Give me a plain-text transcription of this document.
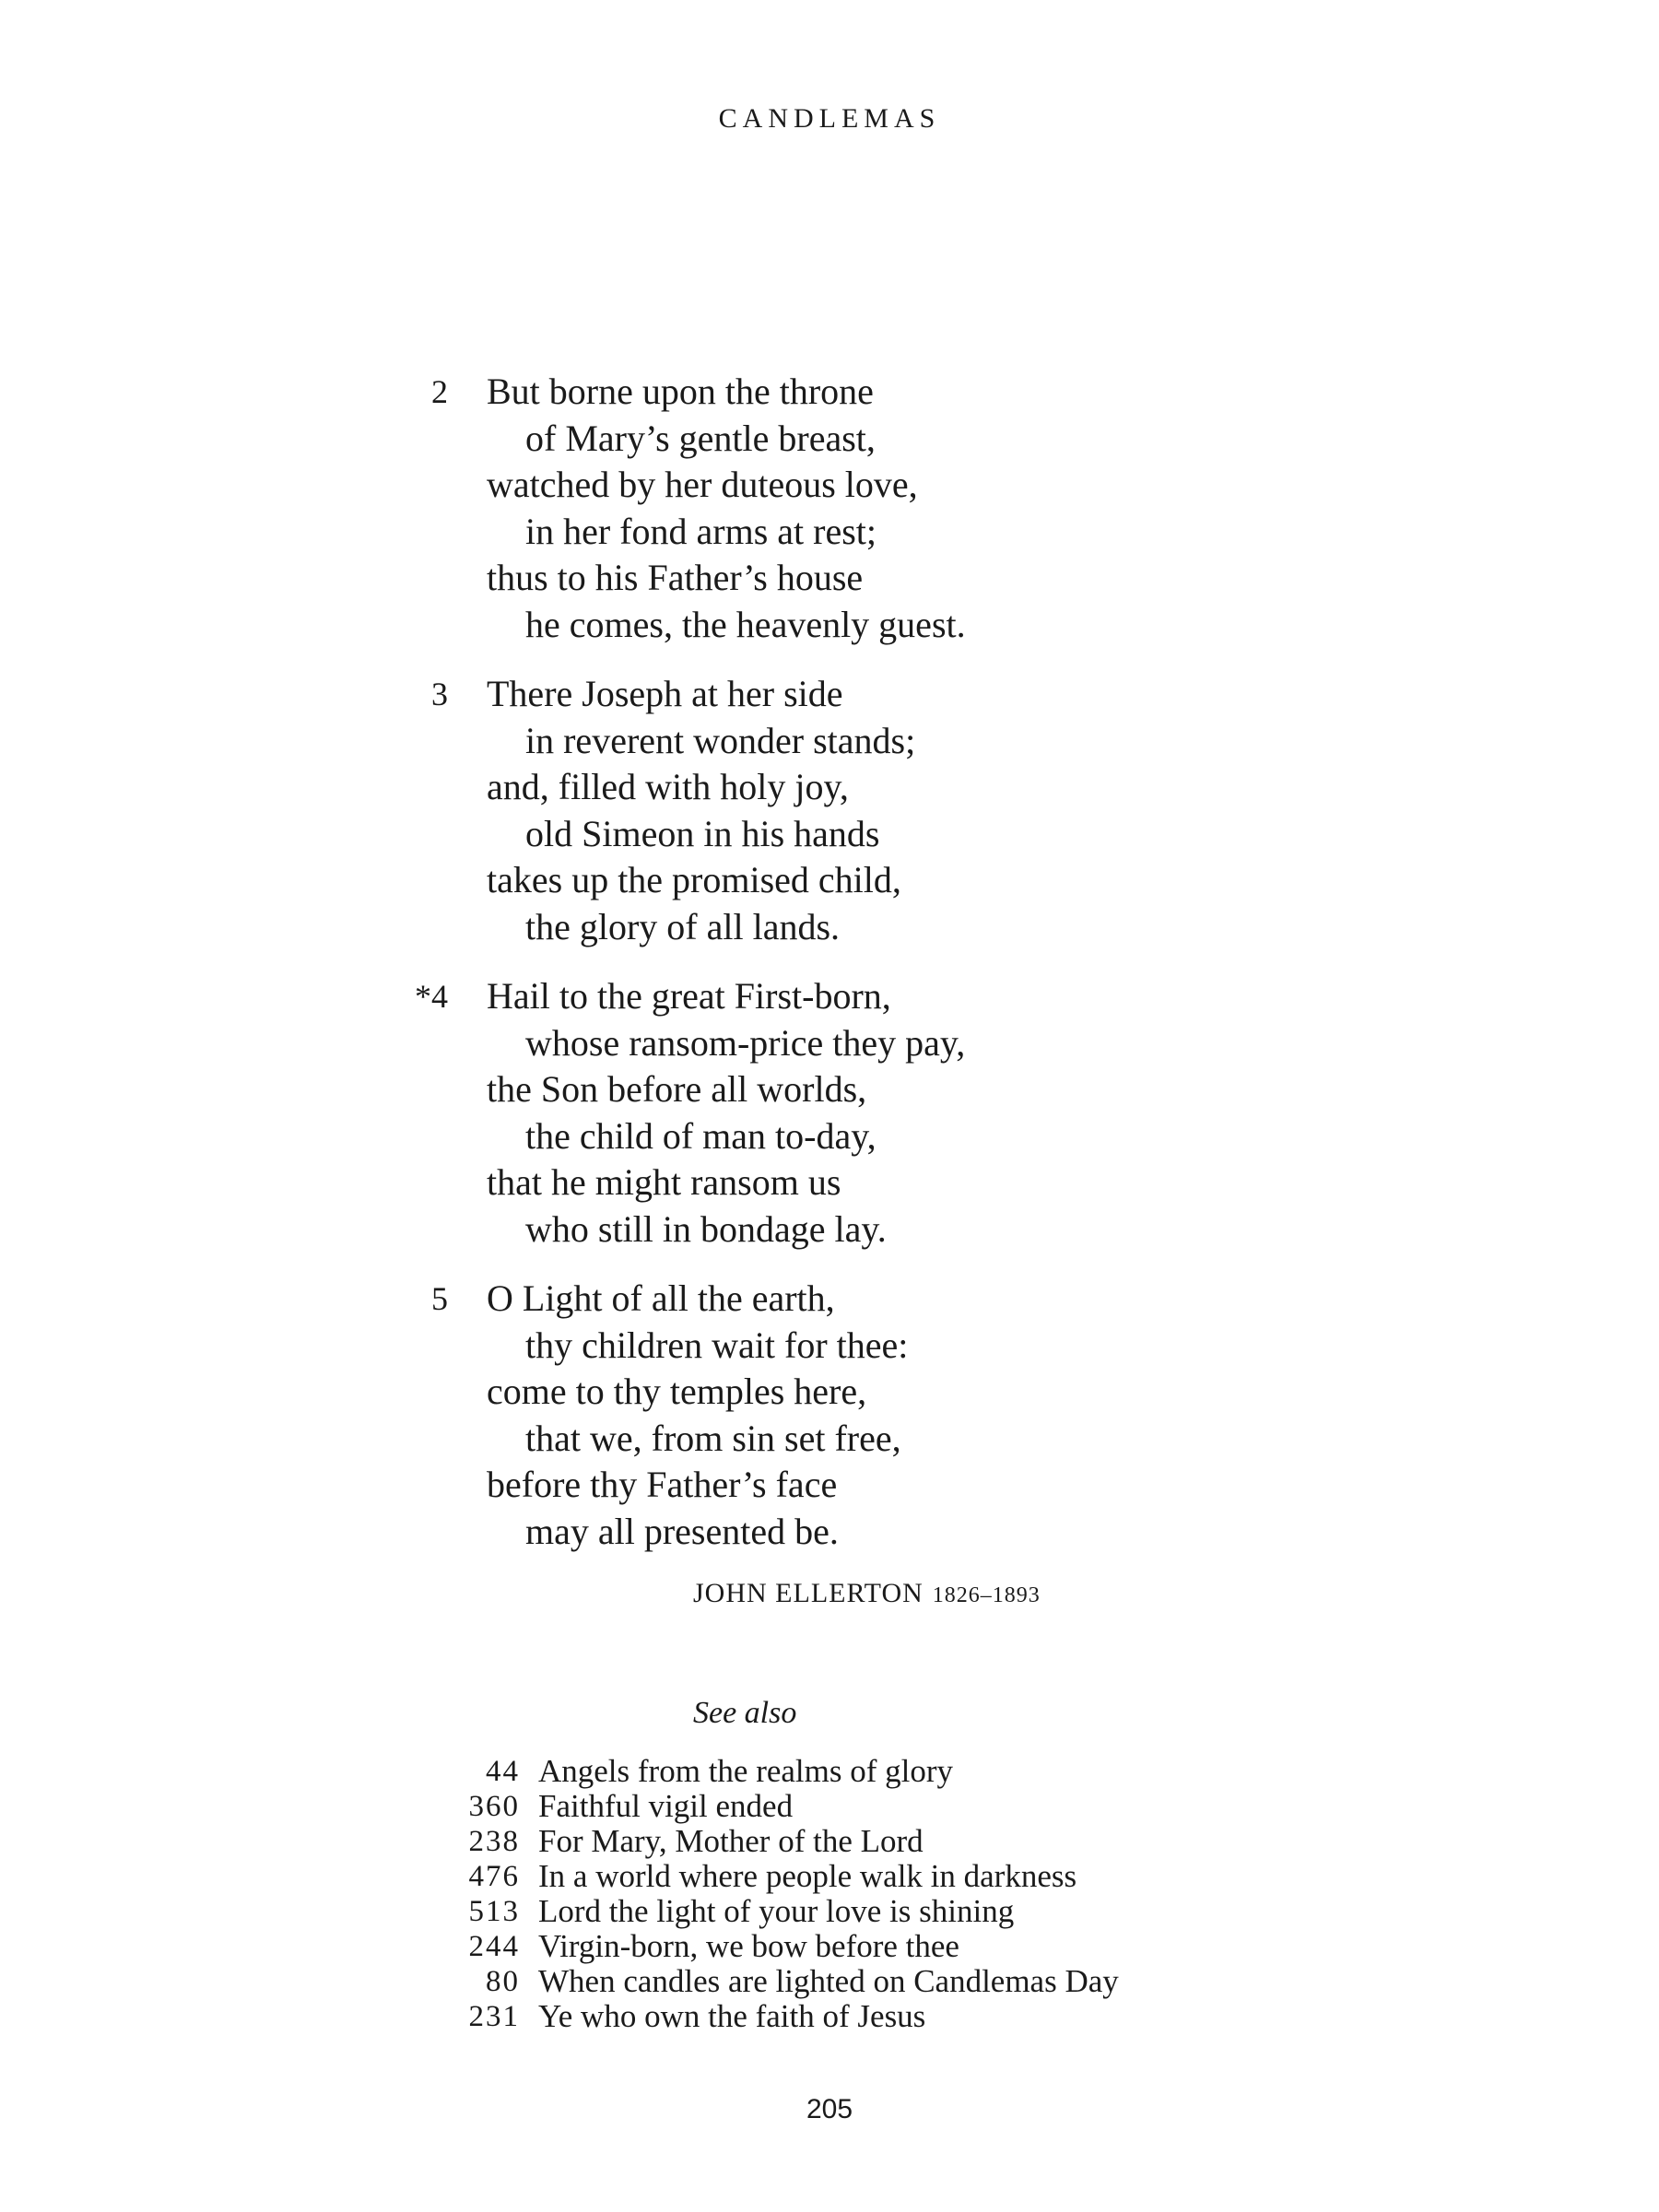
CANDLEMAS
2 But borne upon the throne
of Mary’s gentle breast,
watched by her duteous love,
in her fond arms at rest;
thus to his Father’s house
he comes, the heavenly guest.
3 There Joseph at her side
in reverent wonder stands;
and, filled with holy joy,
old Simeon in his hands
takes up the promised child,
the glory of all lands.
*4 Hail to the great First-born,
whose ransom-price they pay,
the Son before all worlds,
the child of man to-day,
that he might ransom us
who still in bondage lay.
5 O Light of all the earth,
thy children wait for thee:
come to thy temples here,
that we, from sin set free,
before thy Father’s face
may all presented be.
JOHN ELLERTON 1826–1893
See also
44 Angels from the realms of glory
360 Faithful vigil ended
238 For Mary, Mother of the Lord
476 In a world where people walk in darkness
513 Lord the light of your love is shining
244 Virgin-born, we bow before thee
80 When candles are lighted on Candlemas Day
231 Ye who own the faith of Jesus
205
